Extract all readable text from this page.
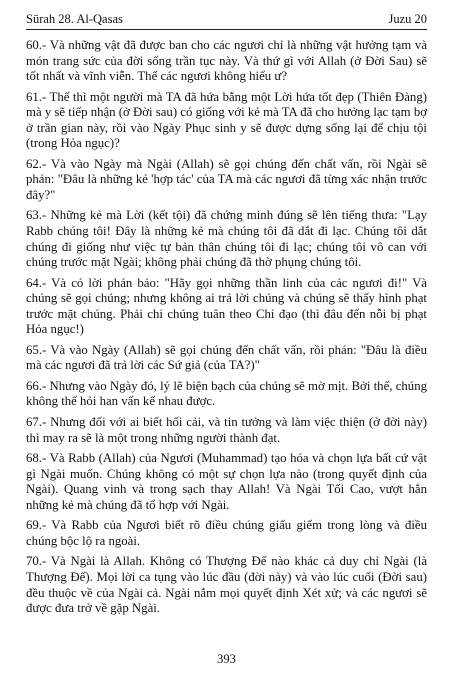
Sūrah 28. Al-Qasas	Juzu 20

60.- Và những vật đã được ban cho các ngươi chỉ là những vật hưởng tạm và món trang sức của đời sống trần tục này. Và thứ gì với Allah (ở Đời Sau) sẽ tốt nhất và vĩnh viễn. Thế các ngươi không hiểu ư?

61.- Thế thì một người mà TA đã hứa bằng một Lời hứa tốt đẹp (Thiên Đàng) mà y sẽ tiếp nhận (ở Đời sau) có giống với kẻ mà TA đã cho hưởng lạc tạm bợ ở trần gian này, rồi vào Ngày Phục sinh y sẽ được dựng sống lại để chịu tội (trong Hỏa ngục)?

62.- Và vào Ngày mà Ngài (Allah) sẽ gọi chúng đến chất vấn, rồi Ngài sẽ phán: "Đâu là những kẻ 'hợp tác' của TA mà các ngươi đã từng xác nhận trước đây?"

63.- Những kẻ mà Lời (kết tội) đã chứng minh đúng sẽ lên tiếng thưa: "Lạy Rabb chúng tôi! Đây là những kẻ mà chúng tôi đã dắt đi lạc. Chúng tôi dắt chúng đi giống như việc tự bản thân chúng tôi đi lạc; chúng tôi vô can với chúng trước mặt Ngài; không phải chúng đã thờ phụng chúng tôi.

64.- Và có lời phán bảo: "Hãy gọi những thần linh của các ngươi đi!" Và chúng sẽ gọi chúng; nhưng không ai trả lời chúng và chúng sẽ thấy hình phạt trước mặt chúng. Phải chi chúng tuân theo Chỉ đạo (thì đâu đến nỗi bị phạt Hỏa ngục!)

65.- Và vào Ngày (Allah) sẽ gọi chúng đến chất vấn, rồi phán: "Đâu là điều mà các ngươi đã trả lời các Sứ giả (của TA?)"

66.- Nhưng vào Ngày đó, lý lẽ biện bạch của chúng sẽ mờ mịt. Bởi thế, chúng không thể hỏi han vấn kế nhau được.

67.- Nhưng đối với ai biết hối cải, và tin tưởng và làm việc thiện (ở đời này) thì may ra sẽ là một trong những người thành đạt.

68.- Và Rabb (Allah) của Ngươi (Muhammad) tạo hóa và chọn lựa bất cứ vật gì Ngài muốn. Chúng không có một sự chọn lựa nào (trong quyết định của Ngài). Quang vinh và trong sạch thay Allah! Và Ngài Tối Cao, vượt hẳn những kẻ mà chúng đã tổ hợp với Ngài.

69.- Và Rabb của Ngươi biết rõ điều chúng giấu giếm trong lòng và điều chúng bộc lộ ra ngoài.

70.- Và Ngài là Allah. Không có Thượng Đế nào khác cả duy chỉ Ngài (là Thượng Đế). Mọi lời ca tụng vào lúc đầu (đời này) và vào lúc cuối (Đời sau) đều thuộc về của Ngài cả. Ngài nắm mọi quyết định Xét xử; và các ngươi sẽ được đưa trở về gặp Ngài.

393
